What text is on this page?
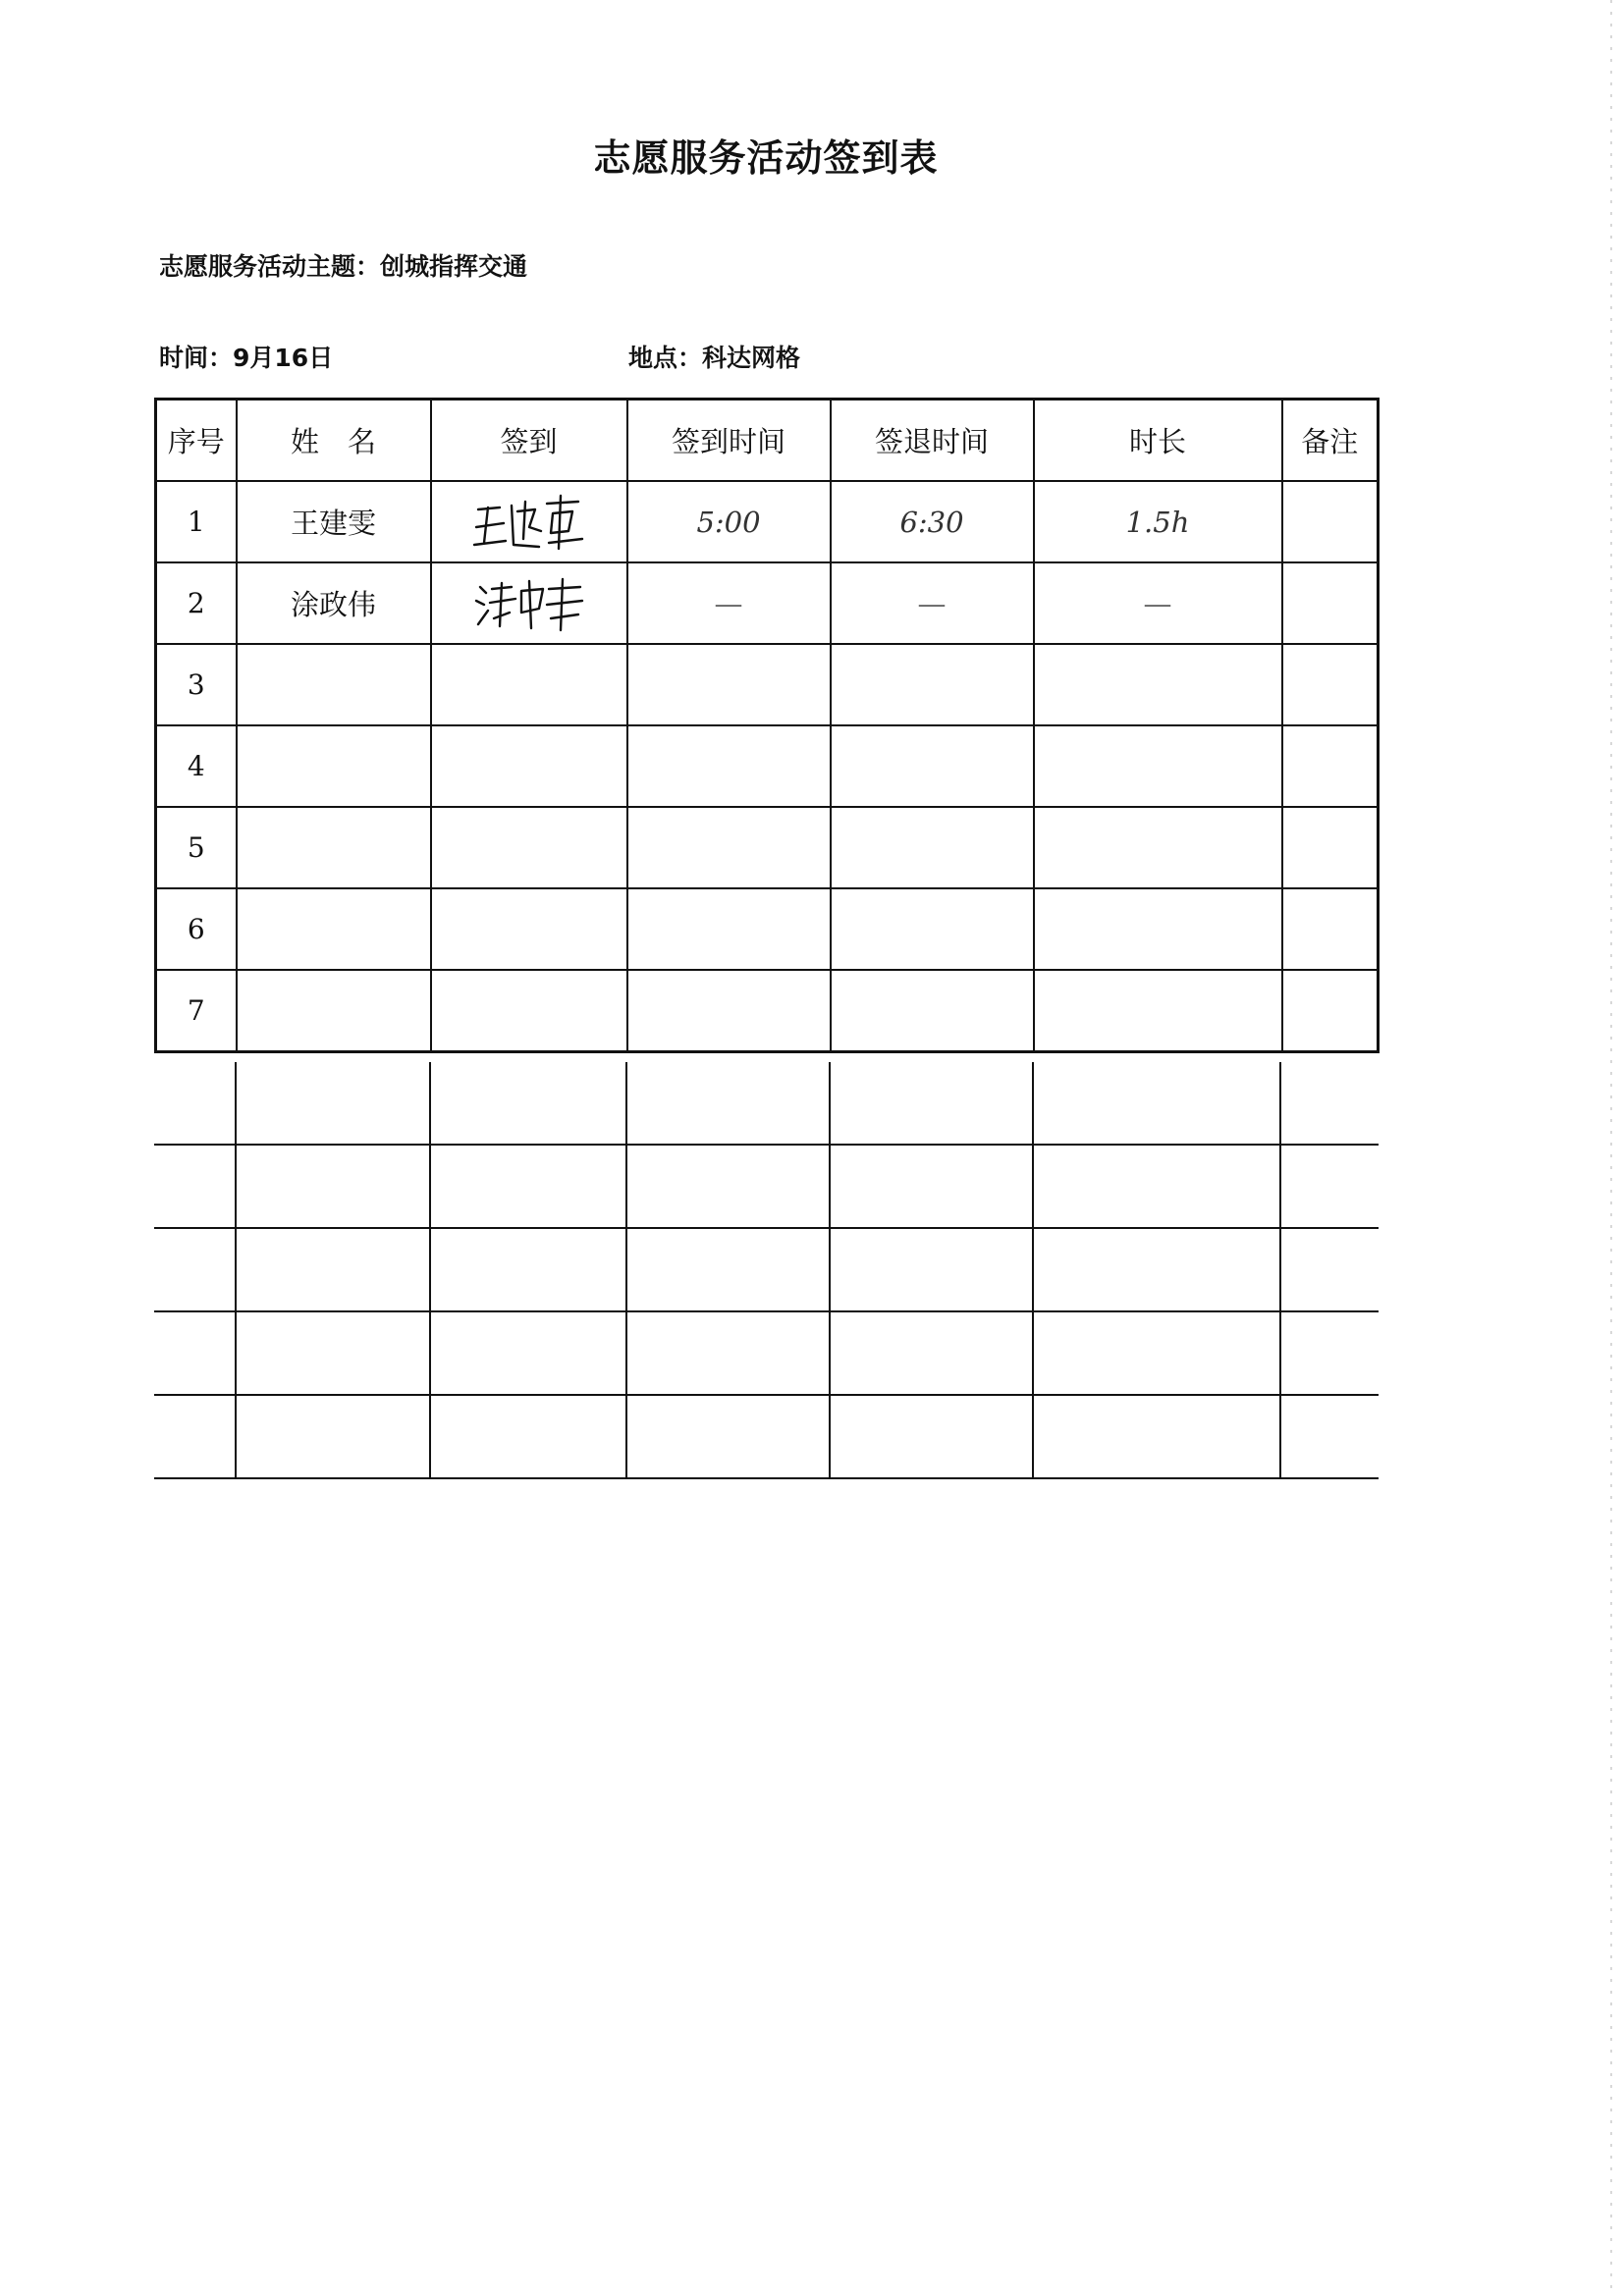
志愿服务活动签到表
志愿服务活动主题：创城指挥交通
时间：9月16日	地点：科达网格
序号	姓　名	签到	签到时间	签退时间	时长	备注
1	王建雯		5:00	6:30	1.5h	
2	涂政伟		—	—	—	
3						
4						
5						
6						
7						
